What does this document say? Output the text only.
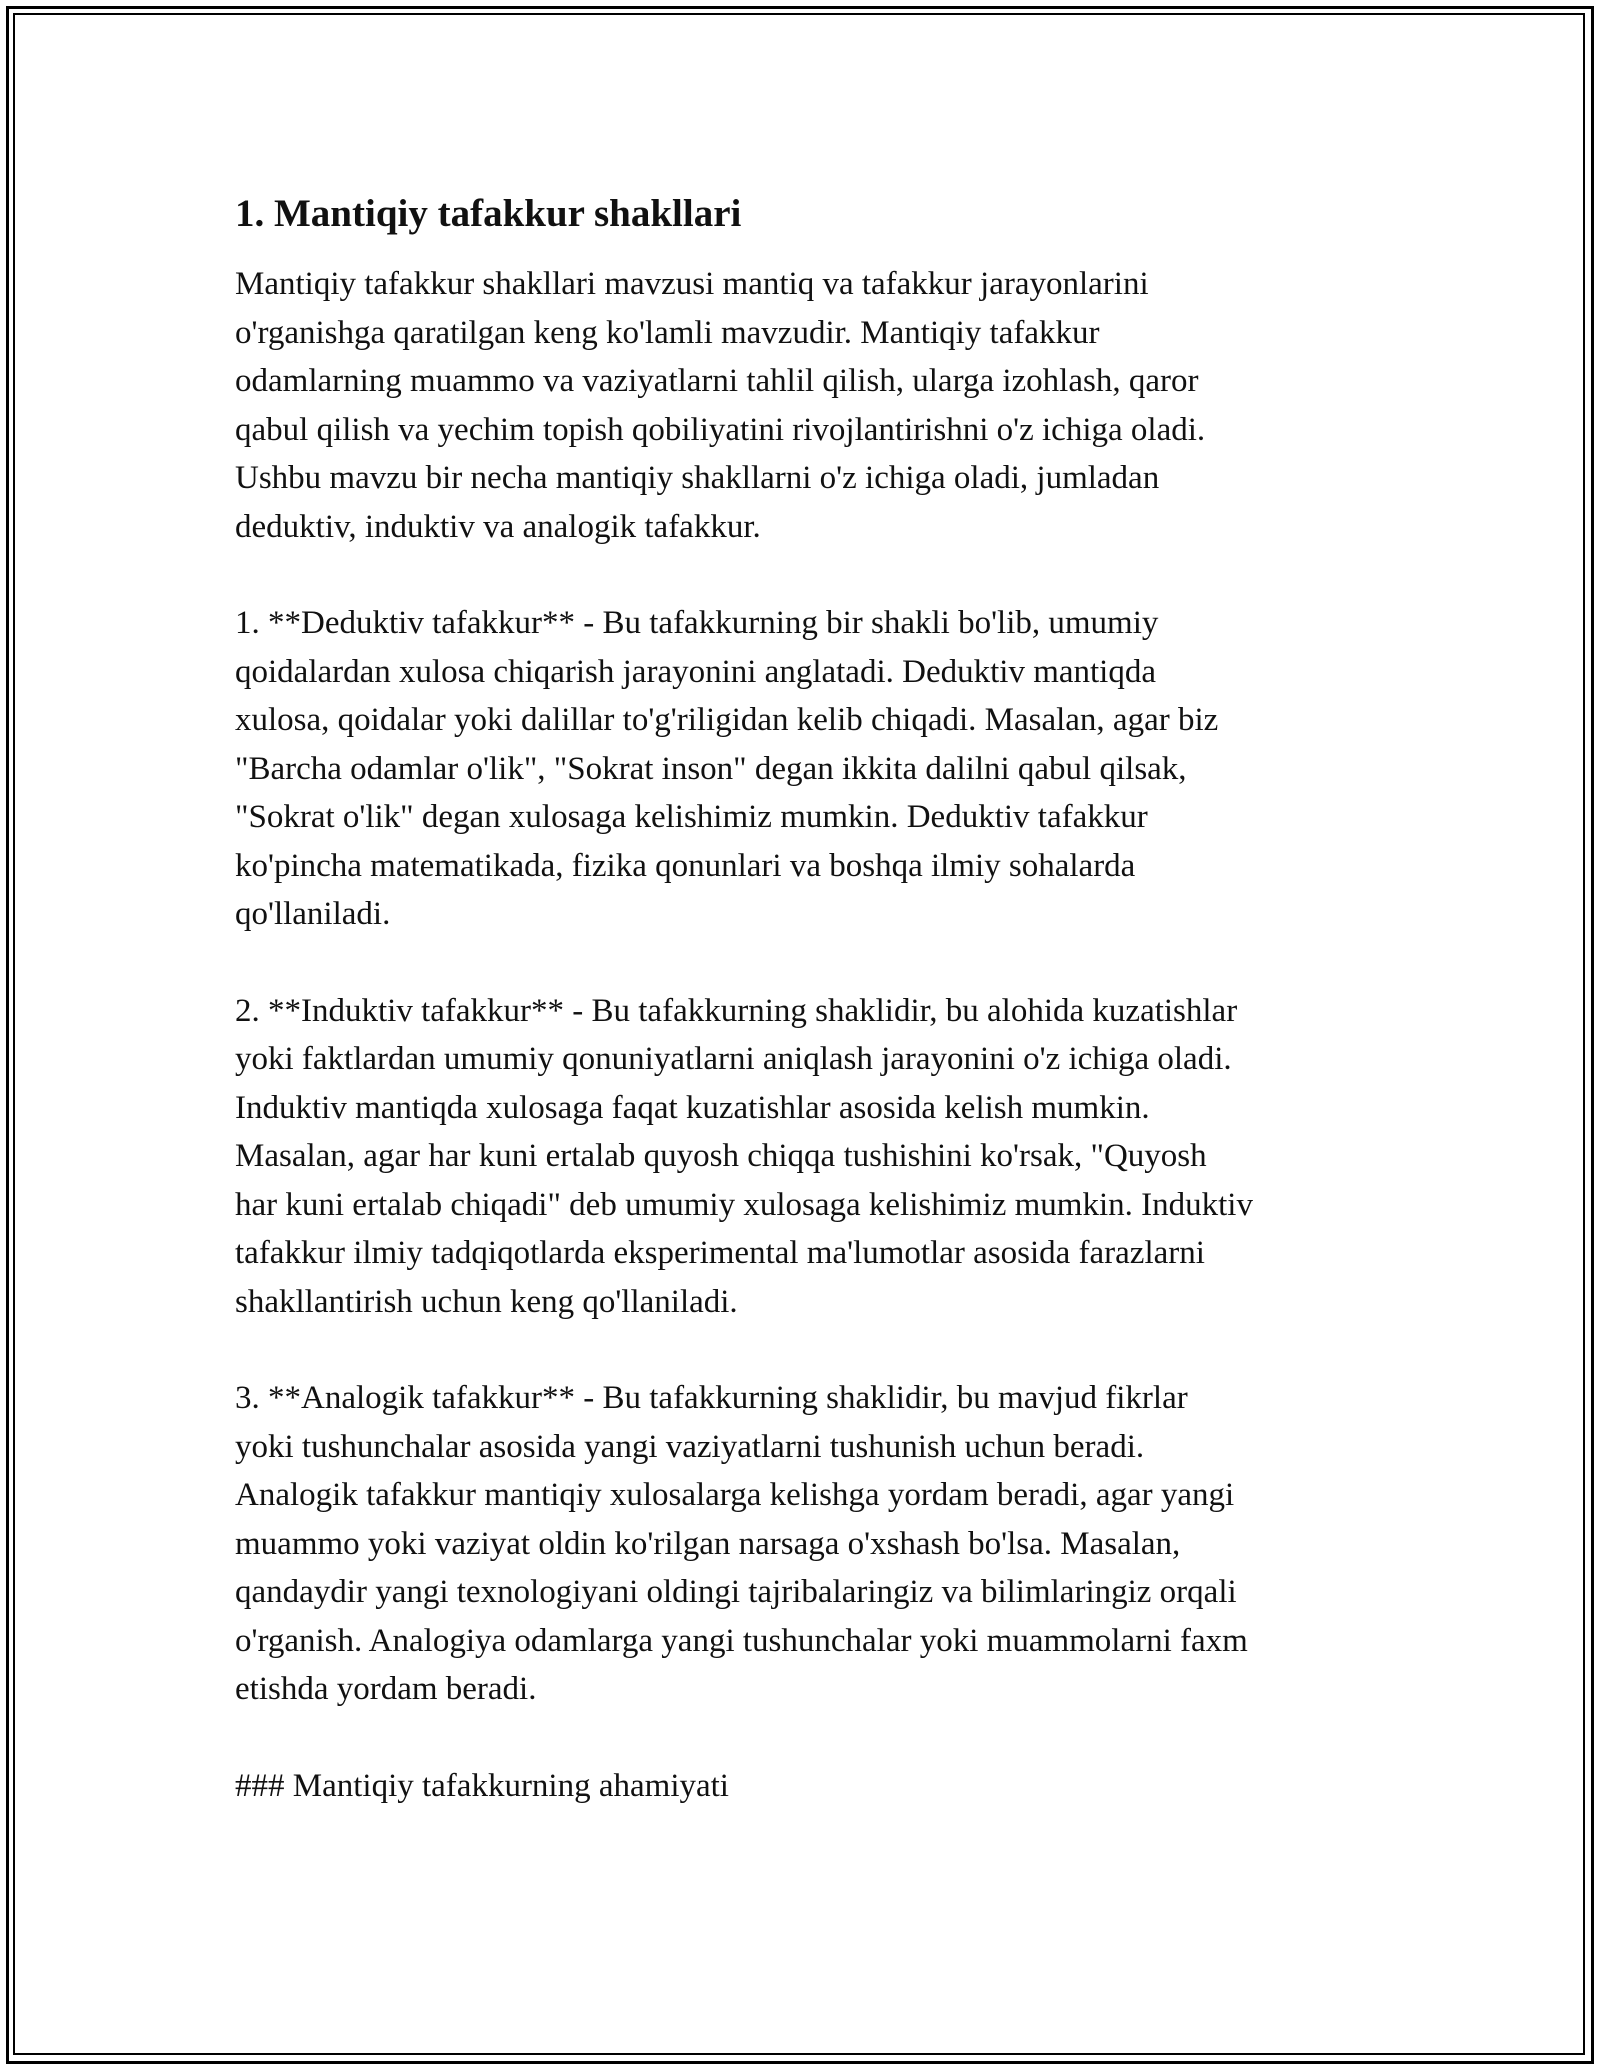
1. Mantiqiy tafakkur shakllari

Mantiqiy tafakkur shakllari mavzusi mantiq va tafakkur jarayonlarini
o'rganishga qaratilgan keng ko'lamli mavzudir. Mantiqiy tafakkur
odamlarning muammo va vaziyatlarni tahlil qilish, ularga izohlash, qaror
qabul qilish va yechim topish qobiliyatini rivojlantirishni o'z ichiga oladi.
Ushbu mavzu bir necha mantiqiy shakllarni o'z ichiga oladi, jumladan
deduktiv, induktiv va analogik tafakkur.

1. **Deduktiv tafakkur** - Bu tafakkurning bir shakli bo'lib, umumiy
qoidalardan xulosa chiqarish jarayonini anglatadi. Deduktiv mantiqda
xulosa, qoidalar yoki dalillar to'g'riligidan kelib chiqadi. Masalan, agar biz
"Barcha odamlar o'lik", "Sokrat inson" degan ikkita dalilni qabul qilsak,
"Sokrat o'lik" degan xulosaga kelishimiz mumkin. Deduktiv tafakkur
ko'pincha matematikada, fizika qonunlari va boshqa ilmiy sohalarda
qo'llaniladi.

2. **Induktiv tafakkur** - Bu tafakkurning shaklidir, bu alohida kuzatishlar
yoki faktlardan umumiy qonuniyatlarni aniqlash jarayonini o'z ichiga oladi.
Induktiv mantiqda xulosaga faqat kuzatishlar asosida kelish mumkin.
Masalan, agar har kuni ertalab quyosh chiqqa tushishini ko'rsak, "Quyosh
har kuni ertalab chiqadi" deb umumiy xulosaga kelishimiz mumkin. Induktiv
tafakkur ilmiy tadqiqotlarda eksperimental ma'lumotlar asosida farazlarni
shakllantirish uchun keng qo'llaniladi.

3. **Analogik tafakkur** - Bu tafakkurning shaklidir, bu mavjud fikrlar
yoki tushunchalar asosida yangi vaziyatlarni tushunish uchun beradi.
Analogik tafakkur mantiqiy xulosalarga kelishga yordam beradi, agar yangi
muammo yoki vaziyat oldin ko'rilgan narsaga o'xshash bo'lsa. Masalan,
qandaydir yangi texnologiyani oldingi tajribalaringiz va bilimlaringiz orqali
o'rganish. Analogiya odamlarga yangi tushunchalar yoki muammolarni faxm
etishda yordam beradi.

### Mantiqiy tafakkurning ahamiyati
